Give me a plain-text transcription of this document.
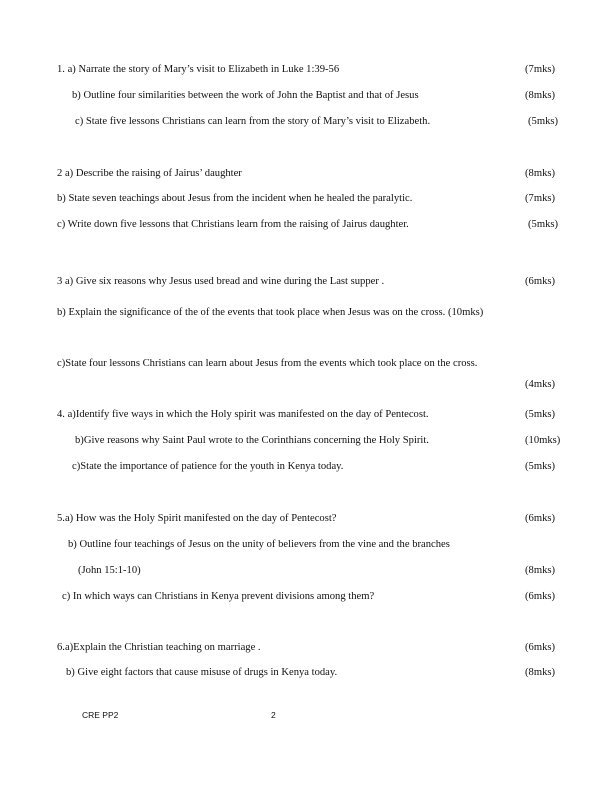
1. a) Narrate the story of Mary’s visit to Elizabeth in Luke 1:39-56	(7mks)
b) Outline four similarities between the work of John the Baptist and that of Jesus	(8mks)
c) State five lessons Christians can learn from the story of Mary’s visit to Elizabeth.	(5mks)
2 a) Describe the raising of Jairus’ daughter	(8mks)
b) State seven teachings about Jesus from the incident when he healed the paralytic.	(7mks)
c) Write down five lessons that Christians learn from the raising of Jairus daughter.	(5mks)
3 a) Give six reasons why Jesus used bread and wine during the Last supper .	(6mks)
b) Explain the significance of the of the events that took place when Jesus was on the cross. (10mks)
c)State four lessons Christians can learn about Jesus from the events which took place on the cross.
(4mks)
4. a)Identify five ways in which the Holy spirit was manifested on the day of Pentecost.	(5mks)
b)Give reasons why Saint Paul wrote to the Corinthians concerning the Holy Spirit.	(10mks)
c)State the importance of patience for the youth in Kenya today.	(5mks)
5.a) How was the Holy Spirit manifested on the day of Pentecost?	(6mks)
b) Outline four teachings of Jesus on the unity of believers from the vine and the branches
(John 15:1-10)	(8mks)
c) In which ways can Christians in Kenya prevent divisions among them?	(6mks)
6.a)Explain the Christian teaching on marriage .	(6mks)
b) Give eight factors that cause misuse of drugs in Kenya today.	(8mks)
CRE PP2	2
